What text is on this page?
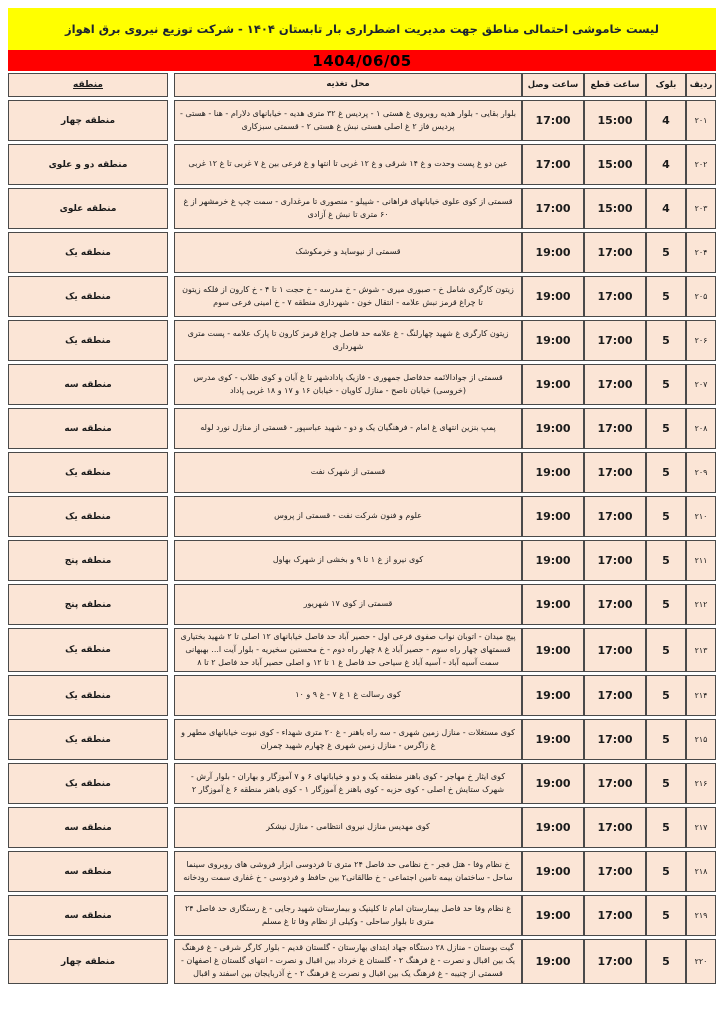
لیست خاموشی احتمالی مناطق جهت مدیریت اضطراری بار تابستان ۱۴۰۴ - شرکت توزیع نیروی برق اهواز
1404/06/05
ردیف
بلوک
ساعت قطع
ساعت وصل
محل تغذیه
منطقه
۲۰۱
4
15:00
17:00
بلوار بقایی - بلوار هدیه روبروی غ هستی ۱ - پردیس غ ۳۲ متری هدیه - خیابانهای دلارام - هنا - هستی - پردیس فاز ۲ غ اصلی هستی نبش غ هستی ۲ - قسمتی سبزکاری
منطقه چهار
۲۰۲
4
15:00
17:00
عین دو غ پست وحدت و غ ۱۴ شرقی و غ ۱۲ غربی تا انتها و غ فرعی بین غ ۷ غربی تا غ ۱۲ غربی
منطقه دو و علوی
۲۰۳
4
15:00
17:00
قسمتی از کوی علوی خیابانهای فراهانی - شپیلو - منصوری تا مرغداری - سمت چپ غ خرمشهر از غ ۶۰ متری تا نبش غ آزادی
منطقه علوی
۲۰۴
5
17:00
19:00
قسمتی از نیوساید و خرمکوشک
منطقه یک
۲۰۵
5
17:00
19:00
زیتون کارگری شامل خ - صبوری میری - شوش - خ مدرسه - خ حجت ۱ تا ۴ - خ کارون از فلکه زیتون تا چراغ قرمز نبش علامه - انتقال خون - شهرداری منطقه ۷ - خ امینی فرعی سوم
منطقه یک
۲۰۶
5
17:00
19:00
زیتون کارگری غ شهید چهارلنگ - غ علامه حد فاصل چراغ قرمز کارون تا پارک علامه - پست متری شهرداری
منطقه یک
۲۰۷
5
17:00
19:00
قسمتی از جوادالائمه حدفاصل جمهوری - فازیک پادادشهر تا غ آبان و کوی طلاب - کوی مدرس (خروسی) خیابان ناصح - منازل کاویان - خیابان ۱۶ و ۱۷ و ۱۸ غربی پاداد
منطقه سه
۲۰۸
5
17:00
19:00
پمپ بنزین انتهای غ امام - فرهنگیان یک و دو - شهید عباسپور - قسمتی از منازل نورد لوله
منطقه سه
۲۰۹
5
17:00
19:00
قسمتی از شهرک نفت
منطقه یک
۲۱۰
5
17:00
19:00
علوم و فنون شرکت نفت - قسمتی از پروس
منطقه یک
۲۱۱
5
17:00
19:00
کوی نیرو از غ ۱ تا ۹ و بخشی از شهرک بهاول
منطقه پنج
۲۱۲
5
17:00
19:00
قسمتی از کوی ۱۷ شهریور
منطقه پنج
۲۱۳
5
17:00
19:00
پیچ میدان - اتوبان نواب صفوی فرعی اول - حصیر آباد حد فاصل خیابانهای ۱۲ اصلی تا ۲ شهید بختیاری قسمتهای چهار راه سوم - حصیر آباد غ ۸ چهار راه دوم - خ محسنین سخیریه - بلوار آیت ا... بهبهانی سمت آسیه آباد - آسیه آباد غ سیاحی حد فاصل غ ۱ تا ۱۲ و اصلی حصیر آباد حد فاصل ۲ تا ۸
منطقه یک
۲۱۴
5
17:00
19:00
کوی رسالت غ ۱ غ ۷ - غ ۹ و ۱۰
منطقه یک
۲۱۵
5
17:00
19:00
کوی مستغلات - منازل زمین شهری - سه راه باهنر - غ ۲۰ متری شهداء - کوی نبوت خیابانهای مطهر و غ زاگرس - منازل زمین شهری غ چهارم شهید چمران
منطقه یک
۲۱۶
5
17:00
19:00
کوی ایثار خ مهاجر - کوی باهنر منطقه یک و دو و خیابانهای ۶ و ۷ آموزگار و بهاران - بلوار آرش - شهرک ستایش خ اصلی - کوی حزبه - کوی باهنر غ آموزگار ۱ - کوی باهنر منطقه ۶ غ آموزگار ۲
منطقه یک
۲۱۷
5
17:00
19:00
کوی مهدیس منازل نیروی انتظامی - منازل نیشکر
منطقه سه
۲۱۸
5
17:00
19:00
خ نظام وفا - هتل فجر - خ نظامی حد فاصل ۲۴ متری تا فردوسی ابزار فروشی های روبروی سینما ساحل - ساختمان بیمه تامین اجتماعی - خ طالقانی۲ بین حافظ و فردوسی - خ غفاری سمت رودخانه
منطقه سه
۲۱۹
5
17:00
19:00
غ نظام وفا حد فاصل بیمارستان امام تا کلینیک و بیمارستان شهید رجایی - غ رستگاری حد فاصل ۲۴ متری تا بلوار ساحلی - وکیلی از نظام وفا تا غ مسلم
منطقه سه
۲۲۰
5
17:00
19:00
گیت بوستان - منازل ۲۸ دستگاه جهاد ابتدای بهارستان - گلستان قدیم - بلوار کارگر شرقی - غ فرهنگ یک بین اقبال و نصرت - غ فرهنگ ۲ - گلستان غ خرداد بین اقبال و نصرت - انتهای گلستان غ اصفهان - قسمتی از چنیبه - غ فرهنگ یک بین اقبال و نصرت غ فرهنگ ۲ - خ آذربایجان بین اسفند و اقبال
منطقه چهار
